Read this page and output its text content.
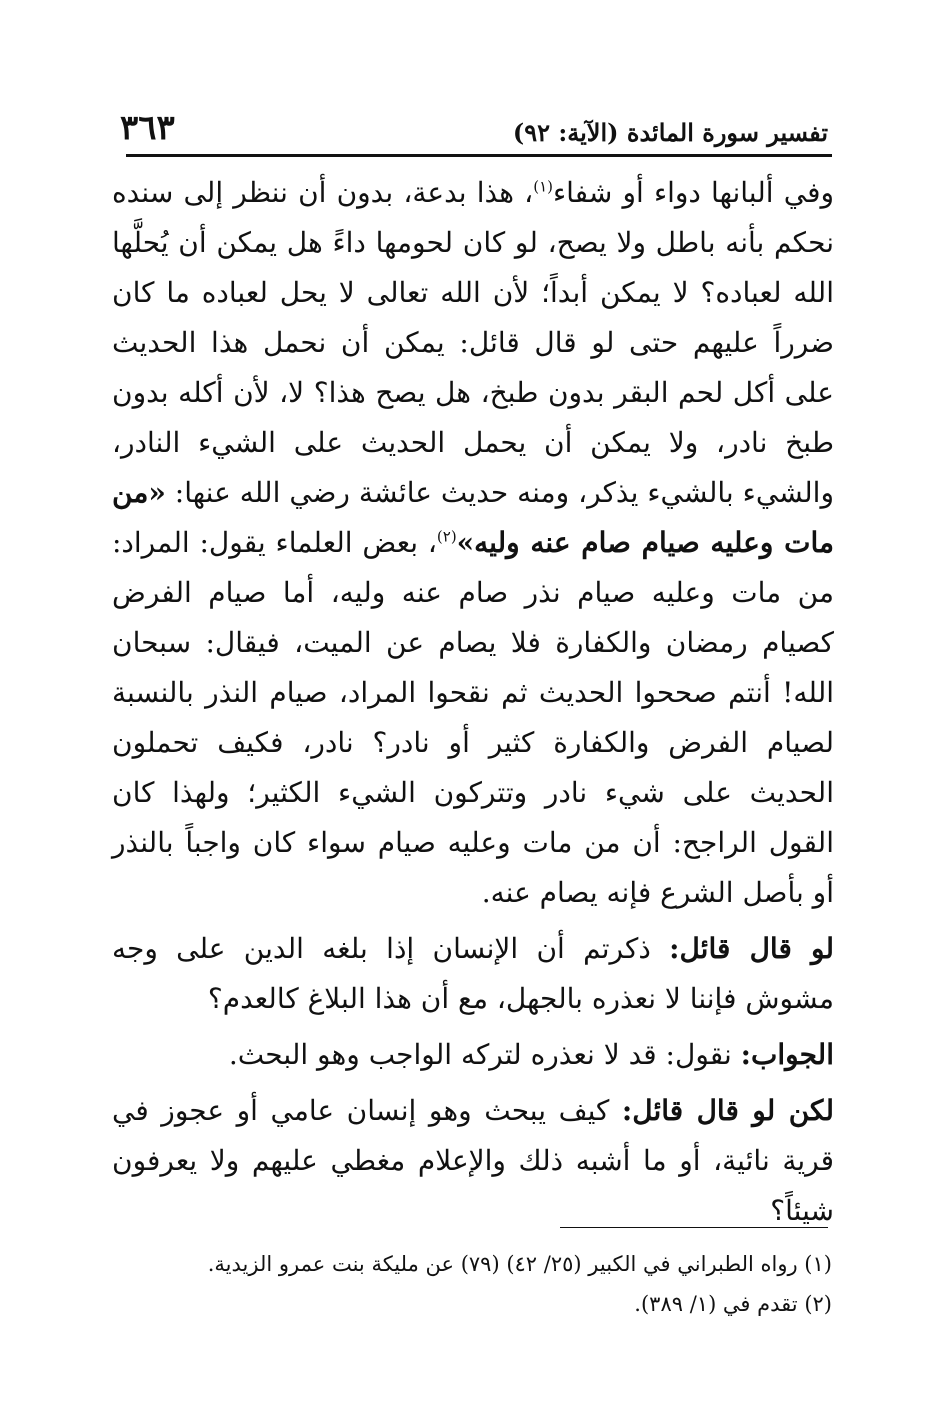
تفسير سورة المائدة (الآية: ٩٢)
٣٦٣

وفي ألبانها دواء أو شفاء$^{(١)}$، هذا بدعة، بدون أن ننظر إلى سنده نحكم بأنه باطل ولا يصح، لو كان لحومها داءً هل يمكن أن يُحلَّها الله لعباده؟ لا يمكن أبداً؛ لأن الله تعالى لا يحل لعباده ما كان ضرراً عليهم حتى لو قال قائل: يمكن أن نحمل هذا الحديث على أكل لحم البقر بدون طبخ، هل يصح هذا؟ لا، لأن أكله بدون طبخ نادر، ولا يمكن أن يحمل الحديث على الشيء النادر، والشيء بالشيء يذكر، ومنه حديث عائشة رضي الله عنها: «من مات وعليه صيام صام عنه وليه»$^{(٢)}$، بعض العلماء يقول: المراد: من مات وعليه صيام نذر صام عنه وليه، أما صيام الفرض كصيام رمضان والكفارة فلا يصام عن الميت، فيقال: سبحان الله! أنتم صححوا الحديث ثم نقحوا المراد، صيام النذر بالنسبة لصيام الفرض والكفارة كثير أو نادر؟ نادر، فكيف تحملون الحديث على شيء نادر وتتركون الشيء الكثير؛ ولهذا كان القول الراجح: أن من مات وعليه صيام سواء كان واجباً بالنذر أو بأصل الشرع فإنه يصام عنه.

لو قال قائل: ذكرتم أن الإنسان إذا بلغه الدين على وجه مشوش فإننا لا نعذره بالجهل، مع أن هذا البلاغ كالعدم؟

الجواب: نقول: قد لا نعذره لتركه الواجب وهو البحث.

لكن لو قال قائل: كيف يبحث وهو إنسان عامي أو عجوز في قرية نائية، أو ما أشبه ذلك والإعلام مغطي عليهم ولا يعرفون شيئاً؟

(١) رواه الطبراني في الكبير (٢٥/ ٤٢) (٧٩) عن مليكة بنت عمرو الزيدية.
(٢) تقدم في (١/ ٣٨٩).
